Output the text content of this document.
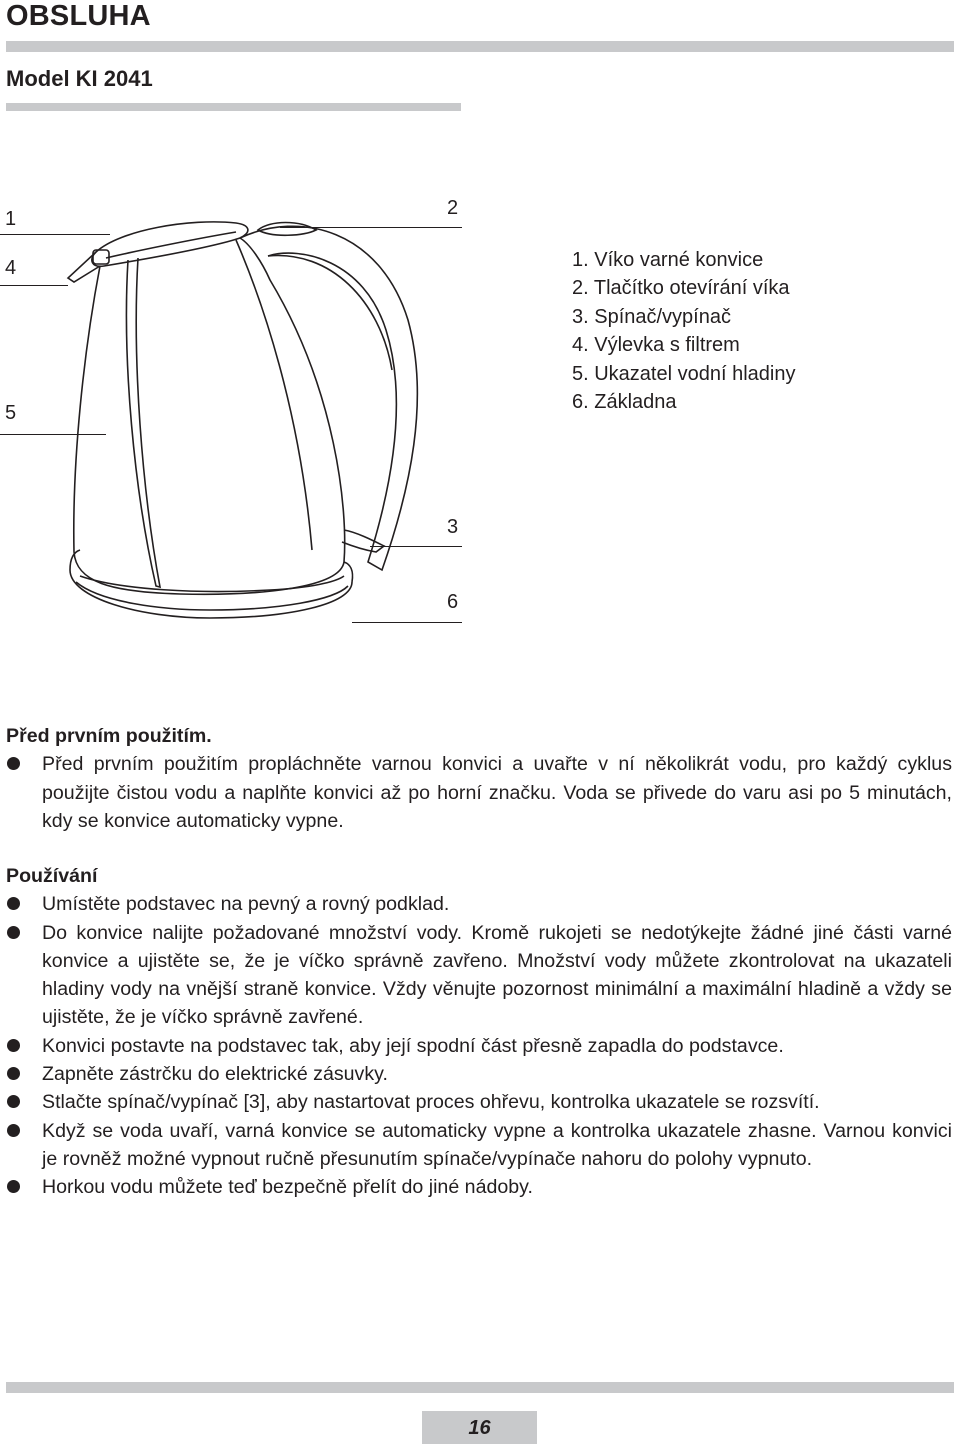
OBSLUHA
Model KI 2041
1
4
5
2
3
6
1. Víko varné konvice
2. Tlačítko otevírání víka
3. Spínač/vypínač
4. Výlevka s filtrem
5. Ukazatel vodní hladiny
6. Základna
Před prvním použitím.
Před prvním použitím propláchněte varnou konvici a uvařte v ní několikrát vodu, pro každý cyklus použijte čistou vodu a naplňte konvici až po horní značku. Voda se přivede do varu asi po 5 minutách, kdy se konvice automaticky vypne.
Používání
Umístěte podstavec na pevný a rovný podklad.
Do konvice nalijte požadované množství vody. Kromě rukojeti se nedotýkejte žádné jiné části varné konvice a ujistěte se, že je víčko správně zavřeno. Množství vody můžete zkontrolovat na ukazateli hladiny vody na vnější straně konvice. Vždy věnujte pozornost minimální a maximální hladině a vždy se ujistěte, že je víčko správně zavřené.
Konvici postavte na podstavec tak, aby její spodní část přesně zapadla do podstavce.
Zapněte zástrčku do elektrické zásuvky.
Stlačte spínač/vypínač [3], aby nastartovat proces ohřevu, kontrolka ukazatele se rozsvítí.
Když se voda uvaří, varná konvice se automaticky vypne a kontrolka ukazatele zhasne. Varnou konvici je rovněž možné vypnout ručně přesunutím spínače/vypínače nahoru do polohy vypnuto.
Horkou vodu můžete teď bezpečně přelít do jiné nádoby.
16
